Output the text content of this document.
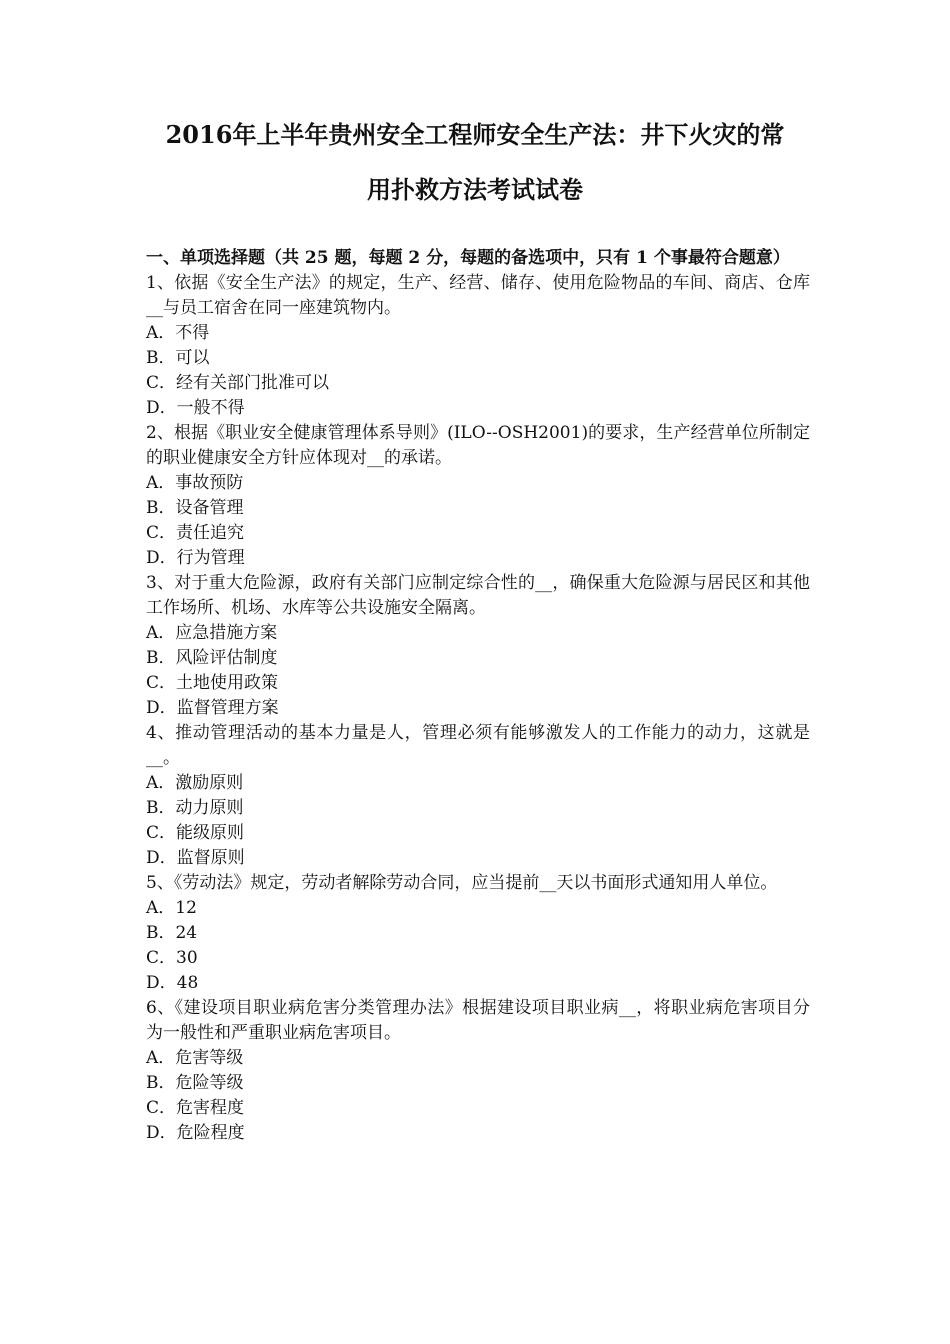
2016年上半年贵州安全工程师安全生产法：井下火灾的常
用扑救方法考试试卷

一、单项选择题（共 25 题，每题 2 分，每题的备选项中，只有 1 个事最符合题意）

1、依据《安全生产法》的规定，生产、经营、储存、使用危险物品的车间、商店、仓库__与员工宿舍在同一座建筑物内。

A．不得

B．可以

C．经有关部门批准可以

D．一般不得

2、根据《职业安全健康管理体系导则》(ILO--OSH2001)的要求，生产经营单位所制定的职业健康安全方针应体现对__的承诺。

A．事故预防

B．设备管理

C．责任追究

D．行为管理

3、对于重大危险源，政府有关部门应制定综合性的__，确保重大危险源与居民区和其他工作场所、机场、水库等公共设施安全隔离。

A．应急措施方案

B．风险评估制度

C．土地使用政策

D．监督管理方案

4、推动管理活动的基本力量是人，管理必须有能够激发人的工作能力的动力，这就是__。

A．激励原则

B．动力原则

C．能级原则

D．监督原则

5、《劳动法》规定，劳动者解除劳动合同，应当提前__天以书面形式通知用人单位。

A．12

B．24

C．30

D．48

6、《建设项目职业病危害分类管理办法》根据建设项目职业病__，将职业病危害项目分为一般性和严重职业病危害项目。

A．危害等级

B．危险等级

C．危害程度

D．危险程度
